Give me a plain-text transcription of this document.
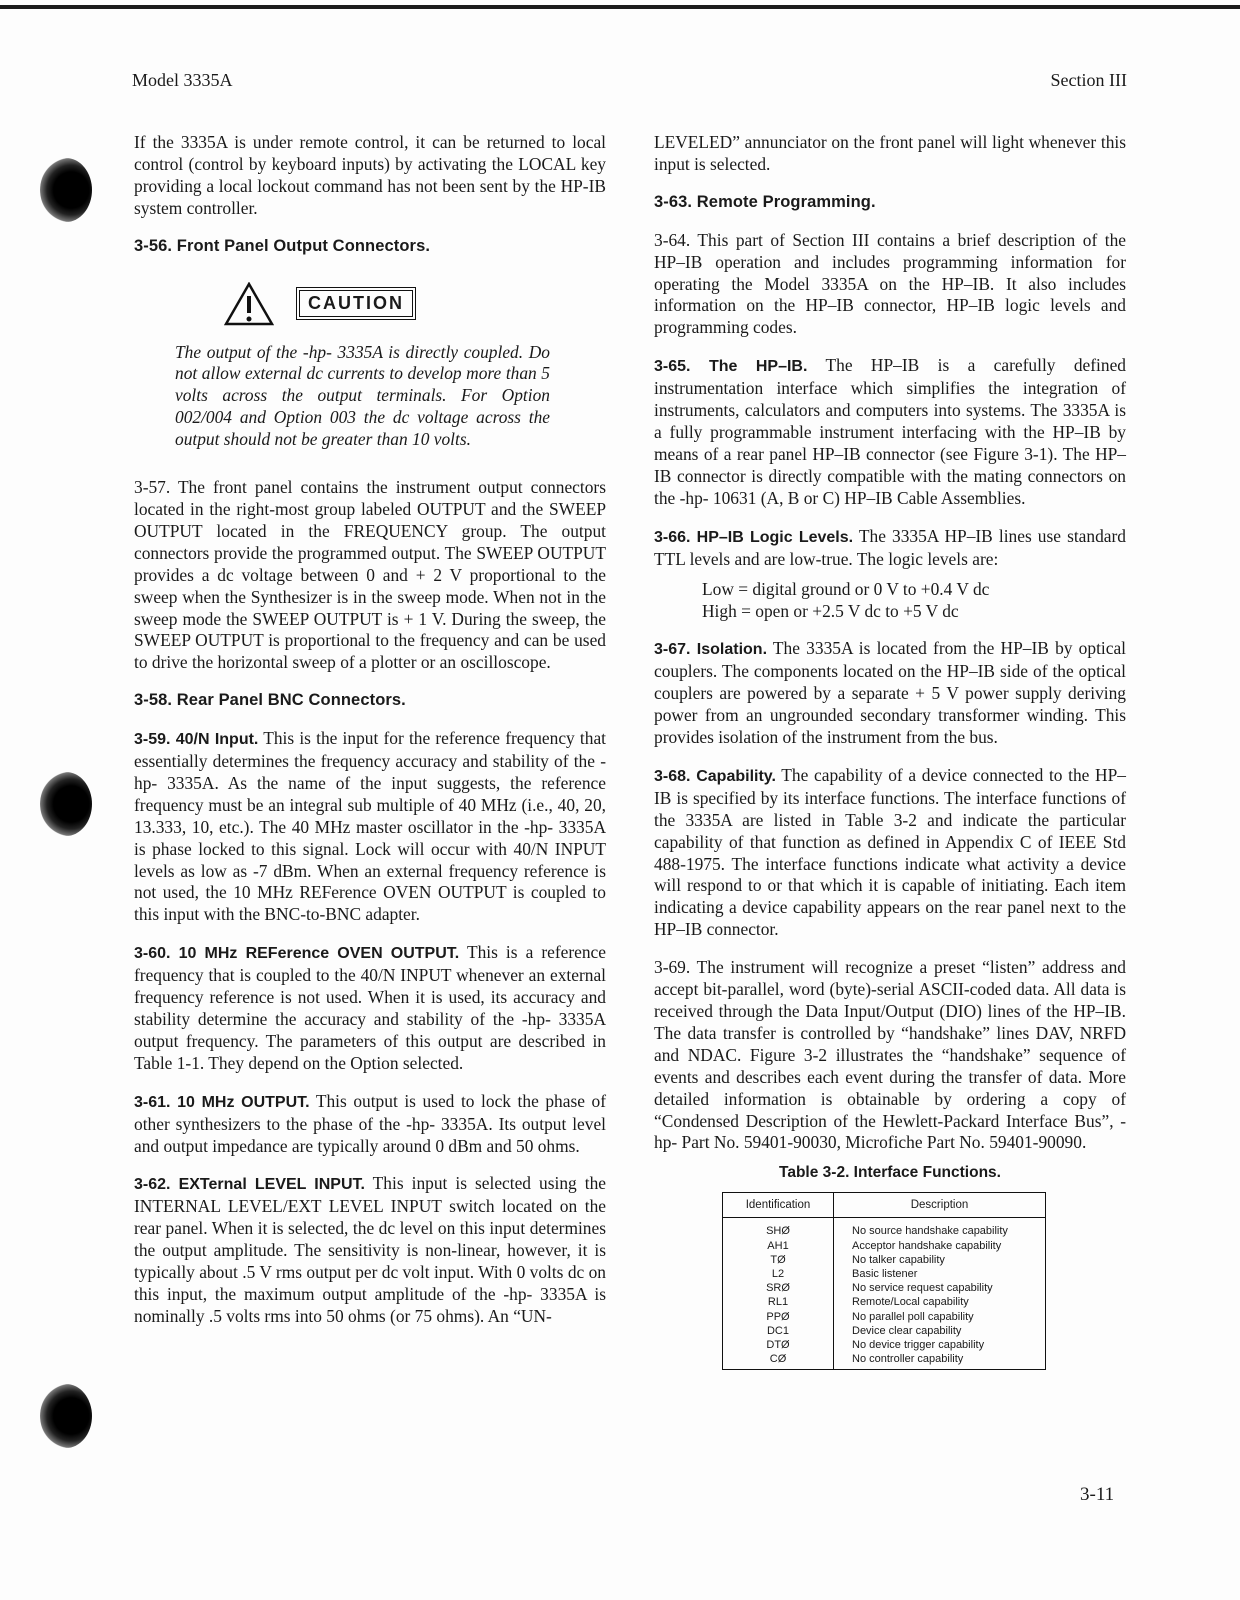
Model 3335A	Section III

If the 3335A is under remote control, it can be returned to local control (control by keyboard inputs) by activating the LOCAL key providing a local lockout command has not been sent by the HP-IB system controller.

3-56. Front Panel Output Connectors.
CAUTION
The output of the -hp- 3335A is directly coupled. Do not allow external dc currents to develop more than 5 volts across the output terminals. For Option 002/004 and Option 003 the dc voltage across the output should not be greater than 10 volts.

3-57. The front panel contains the instrument output connectors located in the right-most group labeled OUTPUT and the SWEEP OUTPUT located in the FREQUENCY group. The output connectors provide the programmed output. The SWEEP OUTPUT provides a dc voltage between 0 and + 2 V proportional to the sweep when the Synthesizer is in the sweep mode. When not in the sweep mode the SWEEP OUTPUT is + 1 V. During the sweep, the SWEEP OUTPUT is proportional to the frequency and can be used to drive the horizontal sweep of a plotter or an oscilloscope.

3-58. Rear Panel BNC Connectors.

3-59. 40/N Input. This is the input for the reference frequency that essentially determines the frequency accuracy and stability of the -hp- 3335A. As the name of the input suggests, the reference frequency must be an integral sub multiple of 40 MHz (i.e., 40, 20, 13.333, 10, etc.). The 40 MHz master oscillator in the -hp- 3335A is phase locked to this signal. Lock will occur with 40/N INPUT levels as low as -7 dBm. When an external frequency reference is not used, the 10 MHz REFerence OVEN OUTPUT is coupled to this input with the BNC-to-BNC adapter.

3-60. 10 MHz REFerence OVEN OUTPUT. This is a reference frequency that is coupled to the 40/N INPUT whenever an external frequency reference is not used. When it is used, its accuracy and stability determine the accuracy and stability of the -hp- 3335A output frequency. The parameters of this output are described in Table 1-1. They depend on the Option selected.

3-61. 10 MHz OUTPUT. This output is used to lock the phase of other synthesizers to the phase of the -hp- 3335A. Its output level and output impedance are typically around 0 dBm and 50 ohms.

3-62. EXTernal LEVEL INPUT. This input is selected using the INTERNAL LEVEL/EXT LEVEL INPUT switch located on the rear panel. When it is selected, the dc level on this input determines the output amplitude. The sensitivity is non-linear, however, it is typically about .5 V rms output per dc volt input. With 0 volts dc on this input, the maximum output amplitude of the -hp- 3335A is nominally .5 volts rms into 50 ohms (or 75 ohms). An “UN-

LEVELED” annunciator on the front panel will light whenever this input is selected.

3-63. Remote Programming.

3-64. This part of Section III contains a brief description of the HP–IB operation and includes programming information for operating the Model 3335A on the HP–IB. It also includes information on the HP–IB connector, HP–IB logic levels and programming codes.

3-65. The HP–IB. The HP–IB is a carefully defined instrumentation interface which simplifies the integration of instruments, calculators and computers into systems. The 3335A is a fully programmable instrument interfacing with the HP–IB by means of a rear panel HP–IB connector (see Figure 3-1). The HP–IB connector is directly compatible with the mating connectors on the -hp- 10631 (A, B or C) HP–IB Cable Assemblies.

3-66. HP–IB Logic Levels. The 3335A HP–IB lines use standard TTL levels and are low-true. The logic levels are:

Low = digital ground or 0 V to +0.4 V dc
High = open or +2.5 V dc to +5 V dc

3-67. Isolation. The 3335A is located from the HP–IB by optical couplers. The components located on the HP–IB side of the optical couplers are powered by a separate + 5 V power supply deriving power from an ungrounded secondary transformer winding. This provides isolation of the instrument from the bus.

3-68. Capability. The capability of a device connected to the HP–IB is specified by its interface functions. The interface functions of the 3335A are listed in Table 3-2 and indicate the particular capability of that function as defined in Appendix C of IEEE Std 488-1975. The interface functions indicate what activity a device will respond to or that which it is capable of initiating. Each item indicating a device capability appears on the rear panel next to the HP–IB connector.

3-69. The instrument will recognize a preset “listen” address and accept bit-parallel, word (byte)-serial ASCII-coded data. All data is received through the Data Input/Output (DIO) lines of the HP–IB. The data transfer is controlled by “handshake” lines DAV, NRFD and NDAC. Figure 3-2 illustrates the “handshake” sequence of events and describes each event during the transfer of data. More detailed information is obtainable by ordering a copy of “Condensed Description of the Hewlett-Packard Interface Bus”, -hp- Part No. 59401-90030, Microfiche Part No. 59401-90090.

Table 3-2. Interface Functions.
Identification	Description
SHØ	No source handshake capability
AH1	Acceptor handshake capability
TØ	No talker capability
L2	Basic listener
SRØ	No service request capability
RL1	Remote/Local capability
PPØ	No parallel poll capability
DC1	Device clear capability
DTØ	No device trigger capability
CØ	No controller capability
3-11
